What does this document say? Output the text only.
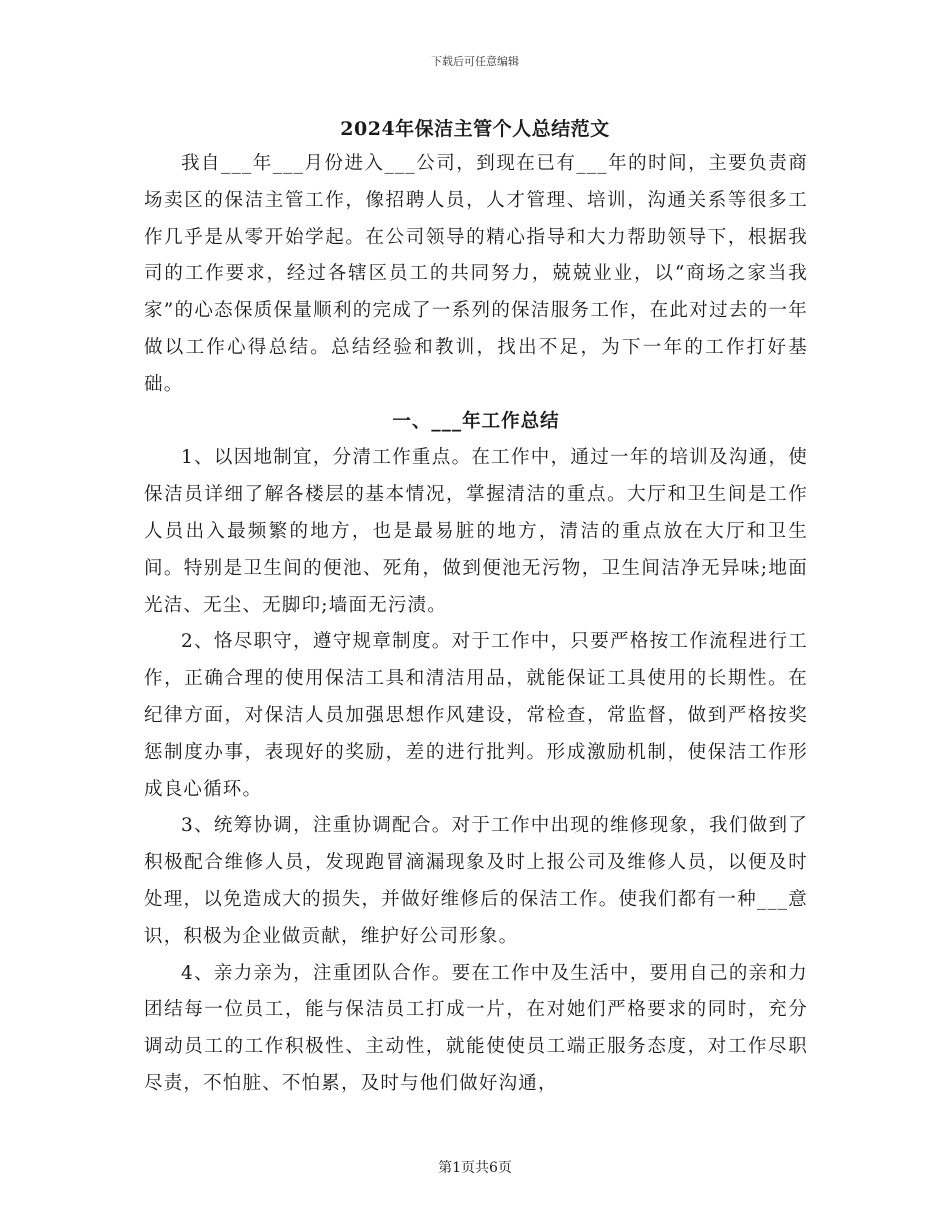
下载后可任意编辑
2024年保洁主管个人总结范文

我自___年___月份进入___公司，到现在已有___年的时间，主要负责商场卖区的保洁主管工作，像招聘人员，人才管理、培训，沟通关系等很多工作几乎是从零开始学起。在公司领导的精心指导和大力帮助领导下，根据我司的工作要求，经过各辖区员工的共同努力，兢兢业业，以“商场之家当我家”的心态保质保量顺利的完成了一系列的保洁服务工作，在此对过去的一年做以工作心得总结。总结经验和教训，找出不足，为下一年的工作打好基础。

一、___年工作总结

1、以因地制宜，分清工作重点。在工作中，通过一年的培训及沟通，使保洁员详细了解各楼层的基本情况，掌握清洁的重点。大厅和卫生间是工作人员出入最频繁的地方，也是最易脏的地方，清洁的重点放在大厅和卫生间。特别是卫生间的便池、死角，做到便池无污物，卫生间洁净无异味;地面光洁、无尘、无脚印;墙面无污渍。

2、恪尽职守，遵守规章制度。对于工作中，只要严格按工作流程进行工作，正确合理的使用保洁工具和清洁用品，就能保证工具使用的长期性。在纪律方面，对保洁人员加强思想作风建设，常检查，常监督，做到严格按奖惩制度办事，表现好的奖励，差的进行批判。形成激励机制，使保洁工作形成良心循环。

3、统筹协调，注重协调配合。对于工作中出现的维修现象，我们做到了积极配合维修人员，发现跑冒滴漏现象及时上报公司及维修人员，以便及时处理，以免造成大的损失，并做好维修后的保洁工作。使我们都有一种___意识，积极为企业做贡献，维护好公司形象。

4、亲力亲为，注重团队合作。要在工作中及生活中，要用自己的亲和力团结每一位员工，能与保洁员工打成一片，在对她们严格要求的同时，充分调动员工的工作积极性、主动性，就能使使员工端正服务态度，对工作尽职尽责，不怕脏、不怕累，及时与他们做好沟通，

第1页共6页
